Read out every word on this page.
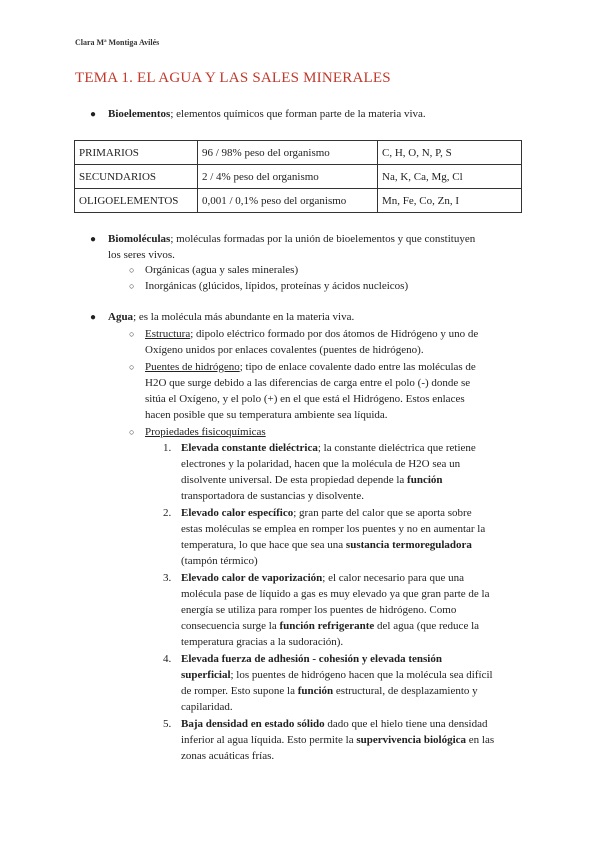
Clara Mª Montiga Avilés
TEMA 1. EL AGUA Y LAS SALES MINERALES
● Bioelementos; elementos químicos que forman parte de la materia viva.
PRIMARIOS	96 / 98% peso del organismo	C, H, O, N, P, S
SECUNDARIOS	2 / 4% peso del organismo	Na, K, Ca, Mg, Cl
OLIGOELEMENTOS	0,001 / 0,1% peso del organismo	Mn, Fe, Co, Zn, I
● Biomoléculas; moléculas formadas por la unión de bioelementos y que constituyen
los seres vivos.
○ Orgánicas (agua y sales minerales)
○ Inorgánicas (glúcidos, lípidos, proteínas y ácidos nucleicos)
● Agua; es la molécula más abundante en la materia viva.
○ Estructura; dipolo eléctrico formado por dos átomos de Hidrógeno y uno de
Oxígeno unidos por enlaces covalentes (puentes de hidrógeno).
○ Puentes de hidrógeno; tipo de enlace covalente dado entre las moléculas de
H2O que surge debido a las diferencias de carga entre el polo (-) donde se
sitúa el Oxígeno, y el polo (+) en el que está el Hidrógeno. Estos enlaces
hacen posible que su temperatura ambiente sea líquida.
○ Propiedades fisicoquímicas
1. Elevada constante dieléctrica; la constante dieléctrica que retiene
electrones y la polaridad, hacen que la molécula de H2O sea un
disolvente universal. De esta propiedad depende la función
transportadora de sustancias y disolvente.
2. Elevado calor específico; gran parte del calor que se aporta sobre
estas moléculas se emplea en romper los puentes y no en aumentar la
temperatura, lo que hace que sea una sustancia termoreguladora
(tampón térmico)
3. Elevado calor de vaporización; el calor necesario para que una
molécula pase de líquido a gas es muy elevado ya que gran parte de la
energía se utiliza para romper los puentes de hidrógeno. Como
consecuencia surge la función refrigerante del agua (que reduce la
temperatura gracias a la sudoración).
4. Elevada fuerza de adhesión - cohesión y elevada tensión
superficial; los puentes de hidrógeno hacen que la molécula sea difícil
de romper. Esto supone la función estructural, de desplazamiento y
capilaridad.
5. Baja densidad en estado sólido dado que el hielo tiene una densidad
inferior al agua líquida. Esto permite la supervivencia biológica en las
zonas acuáticas frías.
